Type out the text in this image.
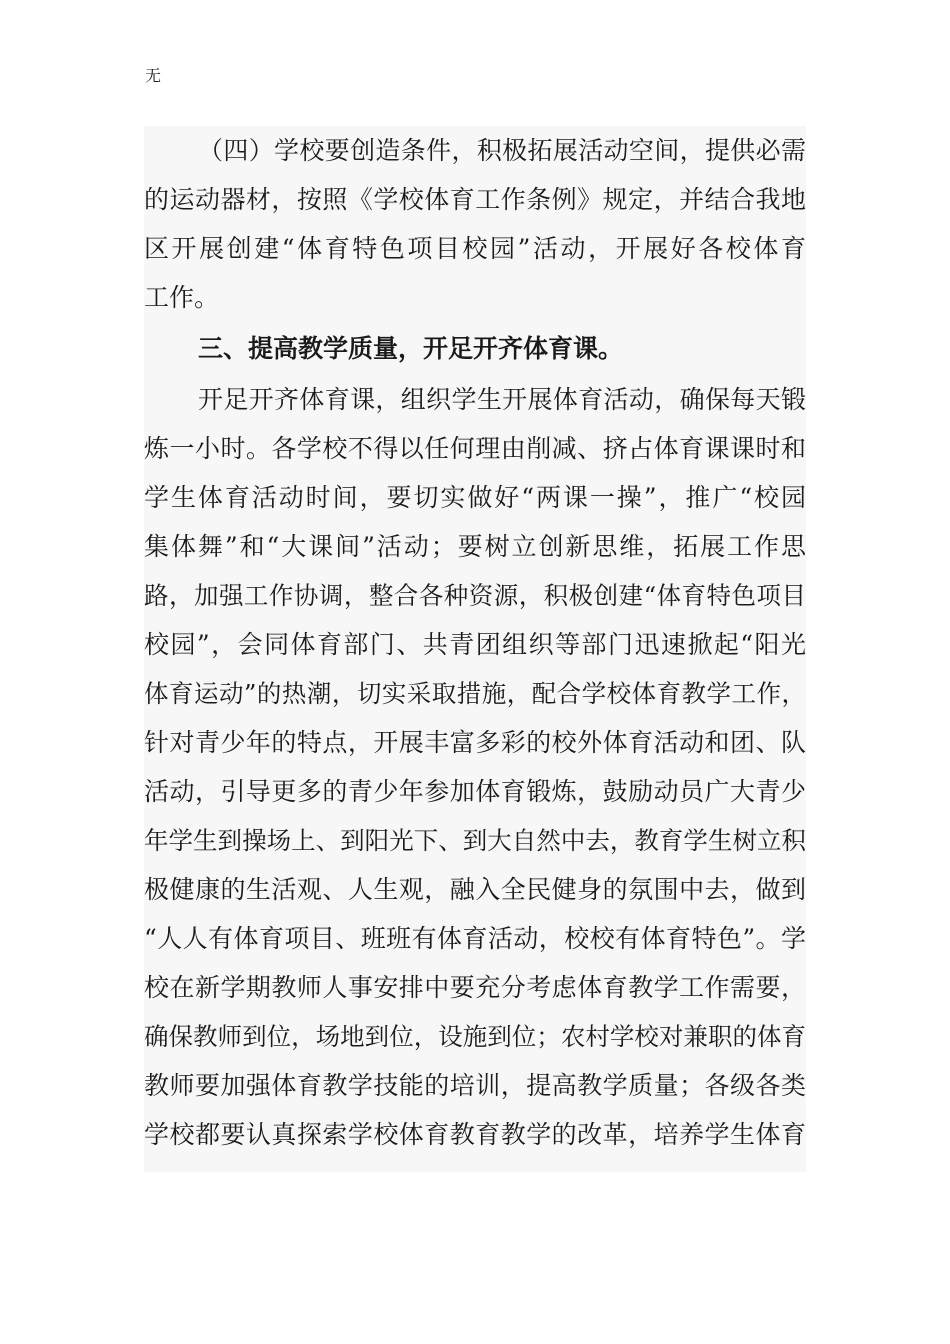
无
（四）学校要创造条件，积极拓展活动空间，提供必需
的运动器材，按照《学校体育工作条例》规定，并结合我地
区开展创建“体育特色项目校园”活动，开展好各校体育
工作。
三、提高教学质量，开足开齐体育课。
开足开齐体育课，组织学生开展体育活动，确保每天锻
炼一小时。各学校不得以任何理由削减、挤占体育课课时和
学生体育活动时间，要切实做好“两课一操”，推广“校园
集体舞”和“大课间”活动；要树立创新思维，拓展工作思
路，加强工作协调，整合各种资源，积极创建“体育特色项目
校园”，会同体育部门、共青团组织等部门迅速掀起“阳光
体育运动”的热潮，切实采取措施，配合学校体育教学工作，
针对青少年的特点，开展丰富多彩的校外体育活动和团、队
活动，引导更多的青少年参加体育锻炼，鼓励动员广大青少
年学生到操场上、到阳光下、到大自然中去，教育学生树立积
极健康的生活观、人生观，融入全民健身的氛围中去，做到
“人人有体育项目、班班有体育活动，校校有体育特色”。学
校在新学期教师人事安排中要充分考虑体育教学工作需要，
确保教师到位，场地到位，设施到位；农村学校对兼职的体育
教师要加强体育教学技能的培训，提高教学质量；各级各类
学校都要认真探索学校体育教育教学的改革，培养学生体育
